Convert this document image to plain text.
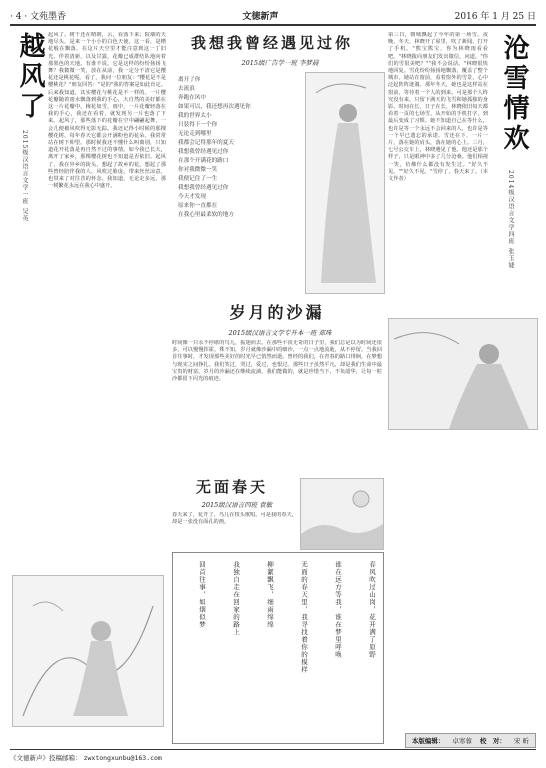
· 4 · 文苑墨香	文徳新声	2016 年 1 月 25 日
越风了
2015级汉语言文学一班 吴英
起风了。树干还在晴朗，云，看落下来；院墙的天地尽头，是来一个小小的白色天使。这一看，是槽花般在飘落。在这片天空里才能注意到这一丁旧光。伴着清新，以及甘露，花瓣已成群结队地向着那墨色的天地。有谁不说，它是这样的纷纷扬扬飞舞？我微微一笑，放在从前，我一定分不清它是樱花还是桃花呢。看了，我问一位朋友："樱花是不是樱桃花？"朋友回答："是的"我的答案是如此肯定。后来我知道，其实樱花与桃花是不一样的。一片樱花瓣随着雨水飘落到我的手心，大自然的美好都在这一片花瓣中。梅花如雪，雨中，一片花瓣轻落在我的手心，我还在看着，就发现另一片也落了下来。起风了，那些落下的花瓣在空中翩翩起舞，一会儿便被风吹得无影无踪。我还记得小时候的那棵樱花树，每年春天它都会开满粉色的花朵，我常常站在树下仰望。那时候我还不懂什么叫离别，只知道花开花落是再自然不过的事情。如今我已长大，离开了家乡，那棵樱花树也不知道是否依旧。起风了，我在异乡的街头，想起了故乡的花，想起了那些曾经陪伴我的人。风吹过脸庞，带来丝丝凉意，也带来了对往昔的怀念。我知道，无论走多远，那一树繁花永远在我心中盛开。
我想我曾经遇见过你
2015级广告学一班 李梦晨
离开了你
去流浪
奔跑在风中
如果可以，我还想再次遇见你
我的世界太小
只装得下一个你
无论走到哪里
我都会记得那年的夏天
我想我曾经遇见过你
在那个开满花的路口
你对我微微一笑
我便记住了一生
我想我曾经遇见过你
今天才发现
原来你一直都在
在我心里最柔软的地方
岁月的沙漏
2015级汉语言文学专升本一班 郑珠
时间像一只永不停歇的鸟儿，振翅而去。在那些平淡无奇的日子里，我们总是以为时间还很多，可以慢慢挥霍。殊不知，岁月就像沙漏中的细沙，一点一点地流逝，从不停留。当我回首往事时，才发现那些美好的时光早已悄然而逝。曾经的我们，在青春的路口徘徊，在梦想与现实之间挣扎。我们笑过，哭过，爱过，也恨过。那些日子虽然平凡，却是我们生命中最宝贵的财富。岁月的沙漏还在继续流淌，我们能做的，就是珍惜当下，不负韶华，让每一粒沙都留下闪光的痕迹。
无面春天
2015级汉语言四班 袁敏
春天来了，花开了，鸟儿在枝头歌唱。可是我的春天，却是一张没有面孔的画。
春风吹过山岗，花开满了原野
谁在远方等我，谁在梦里呼唤
无面的春天里，我寻找着你的模样
柳絮飘飞，细雨绵绵
我独自走在回家的路上
回首往事，如烟似梦
第三日，朝城飘起了今年的第一场雪。夜晚，冬天，林晓开了屋里，吹了新闻，打开了手机。"熊宝熊宝，你为林晓雨看看吧。"林晓拨向朋友们发出微信，问道。"你们的雪很美吧？""我不会说话。"林晓很快地回复。雪花纷纷扬扬地飘落，覆盖了整个城市。她站在窗前，看着窗外的雪景，心中泛起阵阵涟漪。那年冬天，她也是这样站在窗前，等待着一个人的到来。可是那个人终究没有来，只留下满天的飞雪和她孤独的身影。时间在长，日子在长，林晓依旧每天都看着一页的七场雪。从开始的手机打字，到最后变成了习惯。她不知道自己在等什么，也许是等一个永远不会回来的人，也许是等一个早已遗忘的承诺。雪还在下，一片一片，落在她的肩头，落在她的心上。三月，七号公交车上，林晓遇见了他。他还是那个样子，只是眼神中多了几分沧桑。他们相视一笑，仿佛什么都没有发生过。"好久不见。""好久不见。"雪停了，春天来了。（本文作者）
沧雪情欢
2014级汉语言文学四班 张玉婕
本版编辑： 卓寒蓉 校　对： 宋 昕
《文徳新声》投稿邮箱： zwxtongxunbu@163.com
